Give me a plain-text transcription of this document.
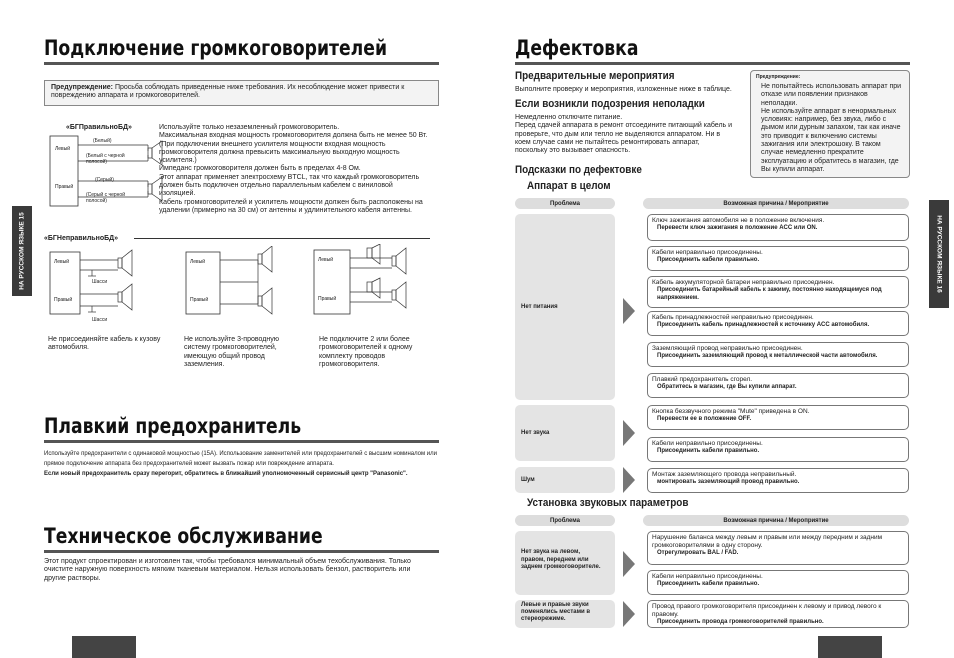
Подключение громкоговорителей
Предупреждение: Просьба соблюдать приведенные ниже требования. Их несоблюдение может привести к повреждению аппарата и громкоговорителей.
«БГПравильноБД»
Левый
Правый
(Белый)
(Белый с черной полосой)
(Серый)
(Серый с черной полосой)
Используйте только незаземленный громкоговоритель.
Максимальная входная мощность громкоговорителя должна быть не менее 50 Вт.
(При подключении внешнего усилителя мощности входная мощность
громкоговорителя должна превысить максимальную выходную мощность
усилителя.)
Импеданс громкоговорителя должен быть в пределах 4-8 Ом.
Этот аппарат применяет электросхему BTCL, так что каждый громкоговоритель
должен быть подключен отдельно параллельным кабелем с виниловой
изоляцией.
Кабель громкоговорителей и усилитель мощности должен быть расположены на
удалении (примерно на 30 см) от антенны и удлинительного кабеля антенны.
«БГНеправильноБД»
Левый
Правый
Шасси
Шасси
Левый
Правый
Левый
Правый
Не присоединяйте кабель к кузову
автомобиля.
Не используйте 3-проводную
систему громкоговорителей,
имеющую общий провод
заземления.
Не подключите 2 или более
громкоговорителей к одному
комплекту проводов
громкоговорителя.
Плавкий предохранитель
Используйте предохранители с одинаковой мощностью (15A). Использование заменителей или предохранителей с высшим номиналом или
прямое подключение аппарата без предохранителей может вызвать пожар или повреждение аппарата.
Если новый предохранитель сразу перегорит, обратитесь в ближайший уполномоченный сервисный центр "Panasonic".
Техническое обслуживание
Этот продукт спроектирован и изготовлен так, чтобы требовался минимальный объем техобслуживания. Только
очистите наружную поверхность мягким тканевым материалом. Нельзя использовать бензол, растворитель или
другие растворы.
НА РУССКОМ ЯЗЫКЕ 15
Дефектовка
Предварительные мероприятия
Выполните проверку и мероприятия, изложенные ниже в таблице.
Если возникли подозрения неполадки
Немедленно отключите питание.
Перед сдачей аппарата в ремонт отсоедините питающий кабель и
проверьте, что дым или тепло не выделяются аппаратом. Ни в
коем случае сами не пытайтесь ремонтировать аппарат,
поскольку это вызывает опасность.
Предупреждение:
Не попытайтесь использовать аппарат при
отказе или появлении признаков
неполадки.
Не используйте аппарат в ненормальных
условиях: например, без звука, либо с
дымом или дурным запахом, так как иначе
это приводит к включению системы
зажигания или электрошоку. В таком
случае немедленно прекратите
эксплуатацию и обратитесь в магазин, где
Вы купили аппарат.
Подсказки по дефектовке
Аппарат в целом
Проблема	Возможная причина / Мероприятие
Нет питания
Нет звука
Шум
Ключ зажигания автомобиля не в положение включения.
Перевести ключ зажигания в положение ACC или ON.
Кабели неправильно присоединены.
Присоединить кабели правильно.
Кабель аккумуляторной батареи неправильно присоединен.
Присоединить батарейный кабель к зажиму, постоянно находящемуся под напряжением.
Кабель принадлежностей неправильно присоединен.
Присоединить кабель принадлежностей к источнику ACC автомобиля.
Заземляющий провод неправильно присоединен.
Присоединить заземляющий провод к металлической части автомобиля.
Плавкий предохранитель сгорел.
Обратитесь в магазин, где Вы купили аппарат.
Кнопка беззвучного режима "Mute" приведена в ON.
Перевести ее в положение OFF.
Кабели неправильно присоединены.
Присоединить кабели правильно.
Монтаж заземляющего провода неправильный.
монтировать заземляющий провод правильно.
Установка звуковых параметров
Проблема	Возможная причина / Мероприятие
Нет звука на левом,
правом, переднем или
заднем громкоговорителе.
Левые и правые звуки
поменялись местами в
стереорежиме.
Нарушение баланса между левым и правым или между передним и задним
громкоговорителями в одну сторону.
Отрегулировать BAL / FAD.
Кабели неправильно присоединены.
Присоединить кабели правильно.
Провод правого громкоговорителя присоединен к левому и привод левого к правому.
Присоединить провода громкоговорителей правильно.
НА РУССКОМ ЯЗЫКЕ 16
